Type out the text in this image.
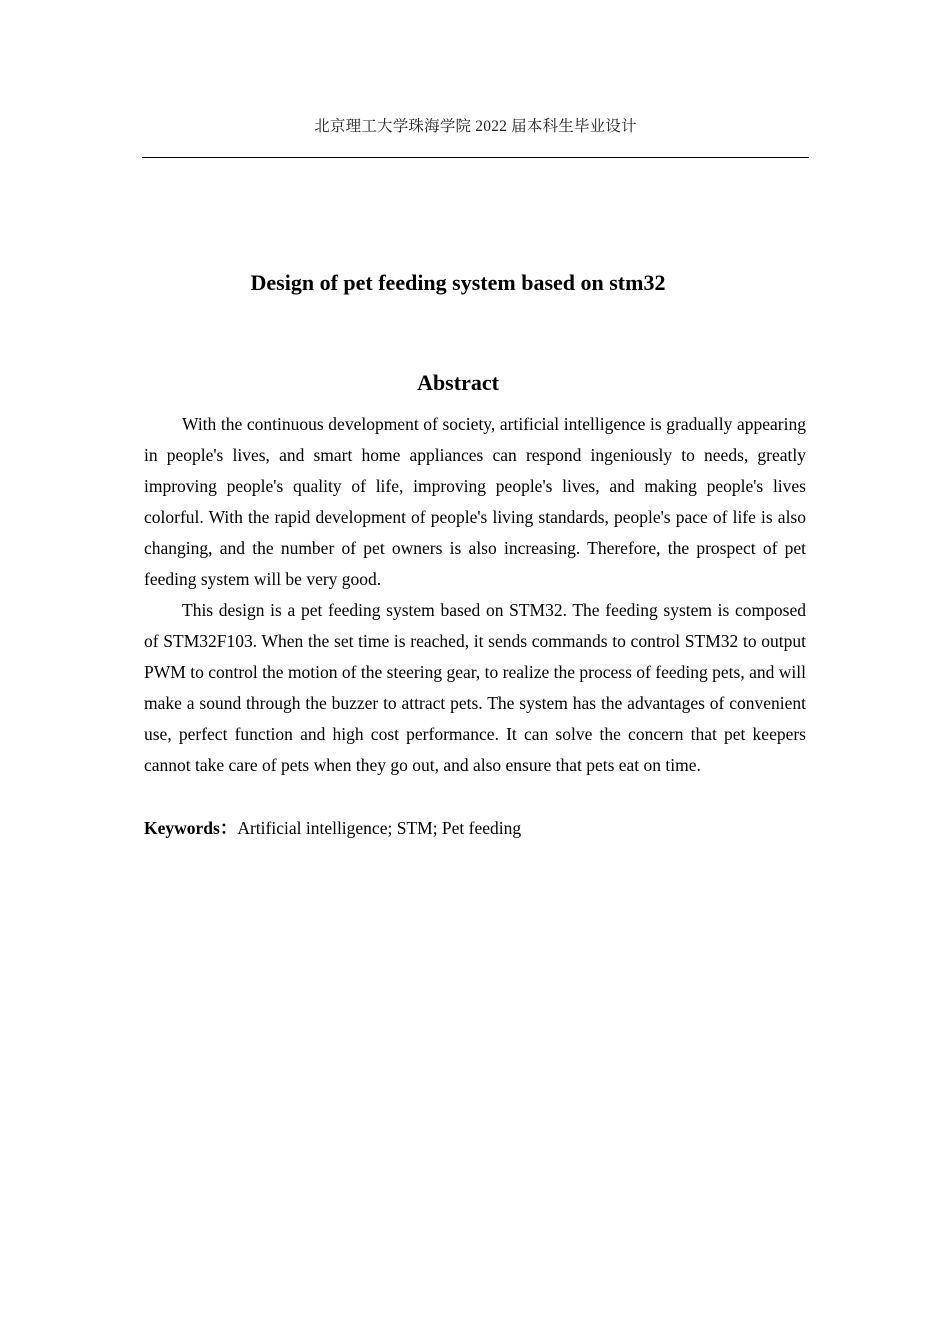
北京理工大学珠海学院 2022 届本科生毕业设计
Design of pet feeding system based on stm32
Abstract

With the continuous development of society, artificial intelligence is gradually appearing in people's lives, and smart home appliances can respond ingeniously to needs, greatly improving people's quality of life, improving people's lives, and making people's lives colorful. With the rapid development of people's living standards, people's pace of life is also changing, and the number of pet owners is also increasing. Therefore, the prospect of pet feeding system will be very good.

This design is a pet feeding system based on STM32. The feeding system is composed of STM32F103. When the set time is reached, it sends commands to control STM32 to output PWM to control the motion of the steering gear, to realize the process of feeding pets, and will make a sound through the buzzer to attract pets. The system has the advantages of convenient use, perfect function and high cost performance. It can solve the concern that pet keepers cannot take care of pets when they go out, and also ensure that pets eat on time.

Keywords：Artificial intelligence; STM; Pet feeding
